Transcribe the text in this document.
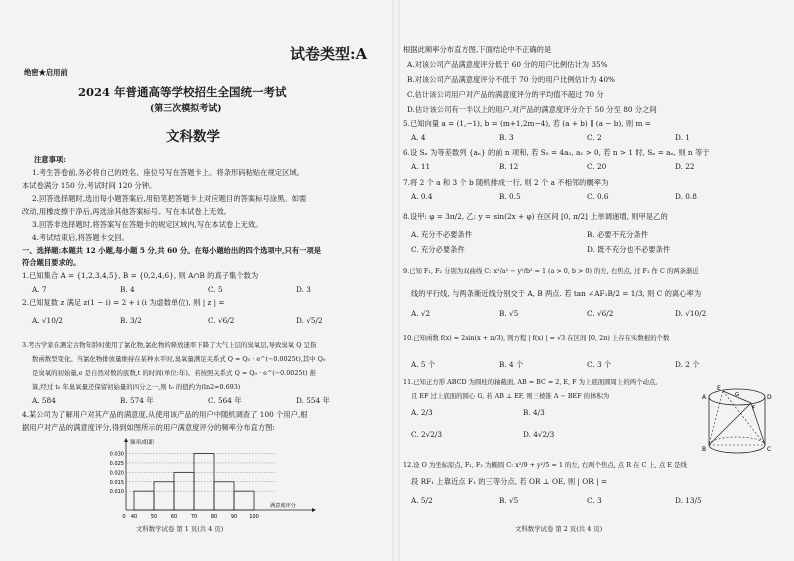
试卷类型:A
绝密★启用前
2024 年普通高等学校招生全国统一考试
(第三次模拟考试)
文科数学
注意事项:
1.考生答卷前,务必将自己的姓名、座位号写在答题卡上。将条形码粘贴在规定区域。
本试卷满分 150 分,考试时间 120 分钟。
2.回答选择题时,选出每小题答案后,用铅笔把答题卡上对应题目的答案标号涂黑。如需
改动,用橡皮擦干净后,再选涂其他答案标号。写在本试卷上无效。
3.回答非选择题时,将答案写在答题卡的规定区域内,写在本试卷上无效。
4.考试结束后,将答题卡交回。
一、选择题:本题共 12 小题,每小题 5 分,共 60 分。在每小题给出的四个选项中,只有一项是
符合题目要求的。
1.已知集合 A = {1,2,3,4,5}, B = {0,2,4,6}, 则 A∩B 的真子集个数为
A. 7	B. 4	C. 5	D. 3
2.已知复数 z 满足 z(1 − i) = 2 + i (i 为虚数单位), 则 | z | =
A. √10/2	B. 3/2	C. √6/2	D. √5/2
3.考古学家在测定古物年龄时使用了氯化物,氯化物的释放速率下降了大气上层的臭氧层,导致臭氧 Q 呈指
数函数型变化。当氯化物排放量维持在某种水平时,臭氧量满足关系式 Q = Q₀ · e^(−0.0025t),其中 Q₀
是臭氧的初始量,e 是自然对数的底数,t 的时间(单位:年)。若按照关系式 Q = Q₀ · e^(−0.0025t) 推
算,经过 t₀ 年臭氧量还保留初始量的四分之一,则 t₀ 的值约为(ln2≈0.693)
A. 584	B. 574 年	C. 564 年	D. 554 年
4.某公司为了解用户对其产品的满意度,从使用该产品的用户中随机调查了 100 个用户,根
据用户对产品的满意度评分,得到如图所示的用户满意度评分的频率分布直方图:
频率/组距
满意度评分
0.010
0.015
0.020
0.025
0.030
0 40	50	60	70	80	90 100
文科数学试卷 第 1 页(共 4 页)
根据此频率分布直方图,下面结论中不正确的是
A.对该公司产品满意度评分低于 60 分的用户比例估计为 35%
B.对该公司产品满意度评分不低于 70 分的用户比例估计为 40%
C.估计该公司用户对产品的满意度评分的平均值不超过 70 分
D.估计该公司有一半以上的用户,对产品的满意度评分介于 50 分至 80 分之间
5.已知向量 a = (1,−1), b = (m+1,2m−4), 若 (a + b) ∥ (a − b), 则 m =
A. 4	B. 3	C. 2	D. 1
6.设 Sₙ 为等差数列 {aₙ} 的前 n 项和, 若 S₅ = 4a₃, a₁ > 0, 若 n > 1 时, Sₙ = aₙ, 则 n 等于
A. 11	B. 12	C. 20	D. 22
7.将 2 个 a 和 3 个 b 随机排成一行, 则 2 个 a 不相邻的概率为
A. 0.4	B. 0.5	C. 0.6	D. 0.8
8.设甲: φ = 3π/2, 乙: y = sin(2x + φ) 在区间 [0, π/2] 上单调递增, 则甲是乙的
A. 充分不必要条件	B. 必要不充分条件
C. 充分必要条件	D. 既不充分也不必要条件
9.已知 F₁, F₂ 分别为双曲线 C: x²/a² − y²/b² = 1 (a > 0, b > 0) 的左, 右焦点, 过 F₁ 作 C 的两条渐近
线的平行线, 与两条渐近线分别交于 A, B 两点. 若 tan ∠AF₁B/2 = 1/3, 则 C 的离心率为
A. √2	B. √5	C. √6/2	D. √10/2
10.已知函数 f(x) = 2sin(x + π/3), 则方程 | f(x) | = √3 在区间 [0, 2π) 上存在实数根的个数
A. 5 个	B. 4 个	C. 3 个	D. 2 个
11.已知正方形 ABCD 为圆柱的轴截面, AB = BC = 2, E, F 为上底面圆周上的两个动点,
且 EF 过上底面的圆心 G, 若 AB ⊥ EF, 则三棱锥 A − BEF 的体积为
A. 2/3	B. 4/3
C. 2√2/3	D. 4√2/3
E
A	D
B	C
F
G
12.设 O 为坐标原点, F₁, F₂ 为椭圆 C: x²/9 + y²/5 = 1 的左, 右两个焦点, 点 R 在 C 上, 点 E 是线
段 RF₁ 上靠近点 F₁ 的三等分点, 若 OR ⊥ OE, 则 | OR | =
A. 5/2	B. √5	C. 3	D. 13/5
文科数学试卷 第 2 页(共 4 页)
